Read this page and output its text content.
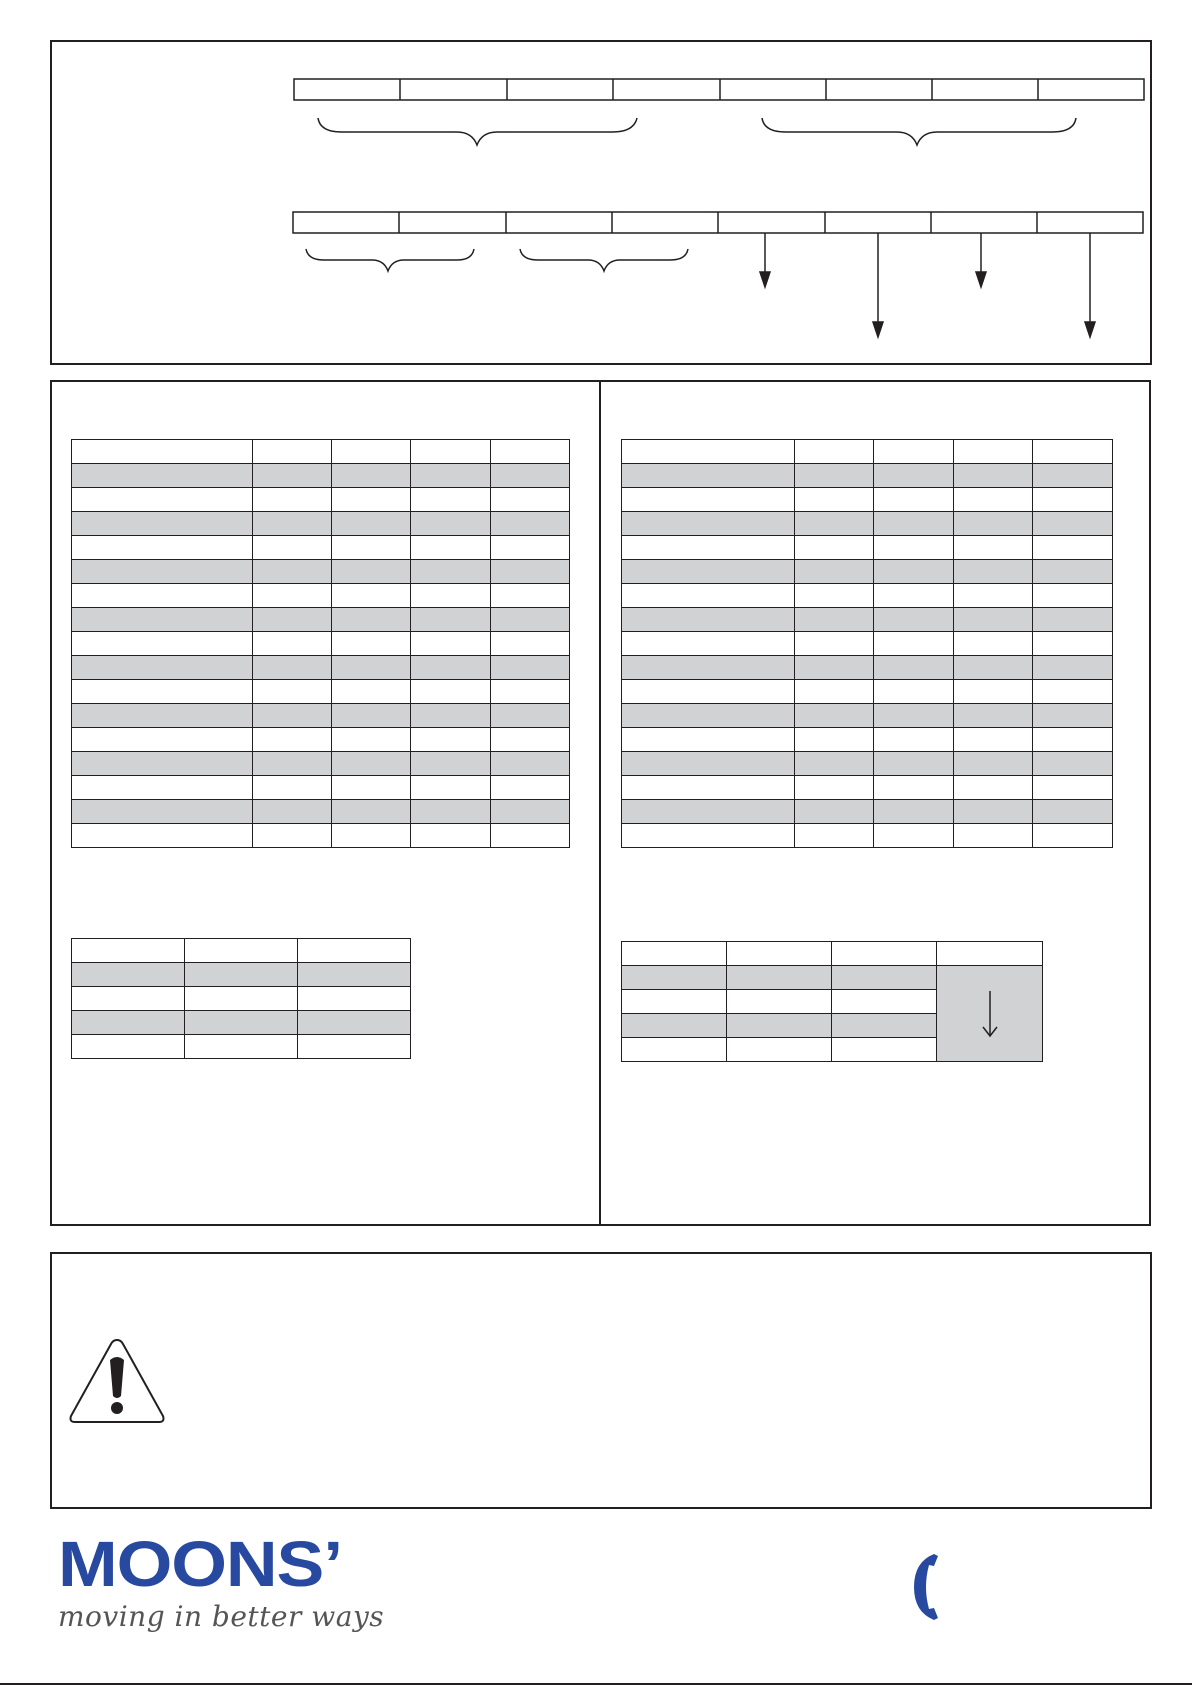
MOONS’
moving in better ways
